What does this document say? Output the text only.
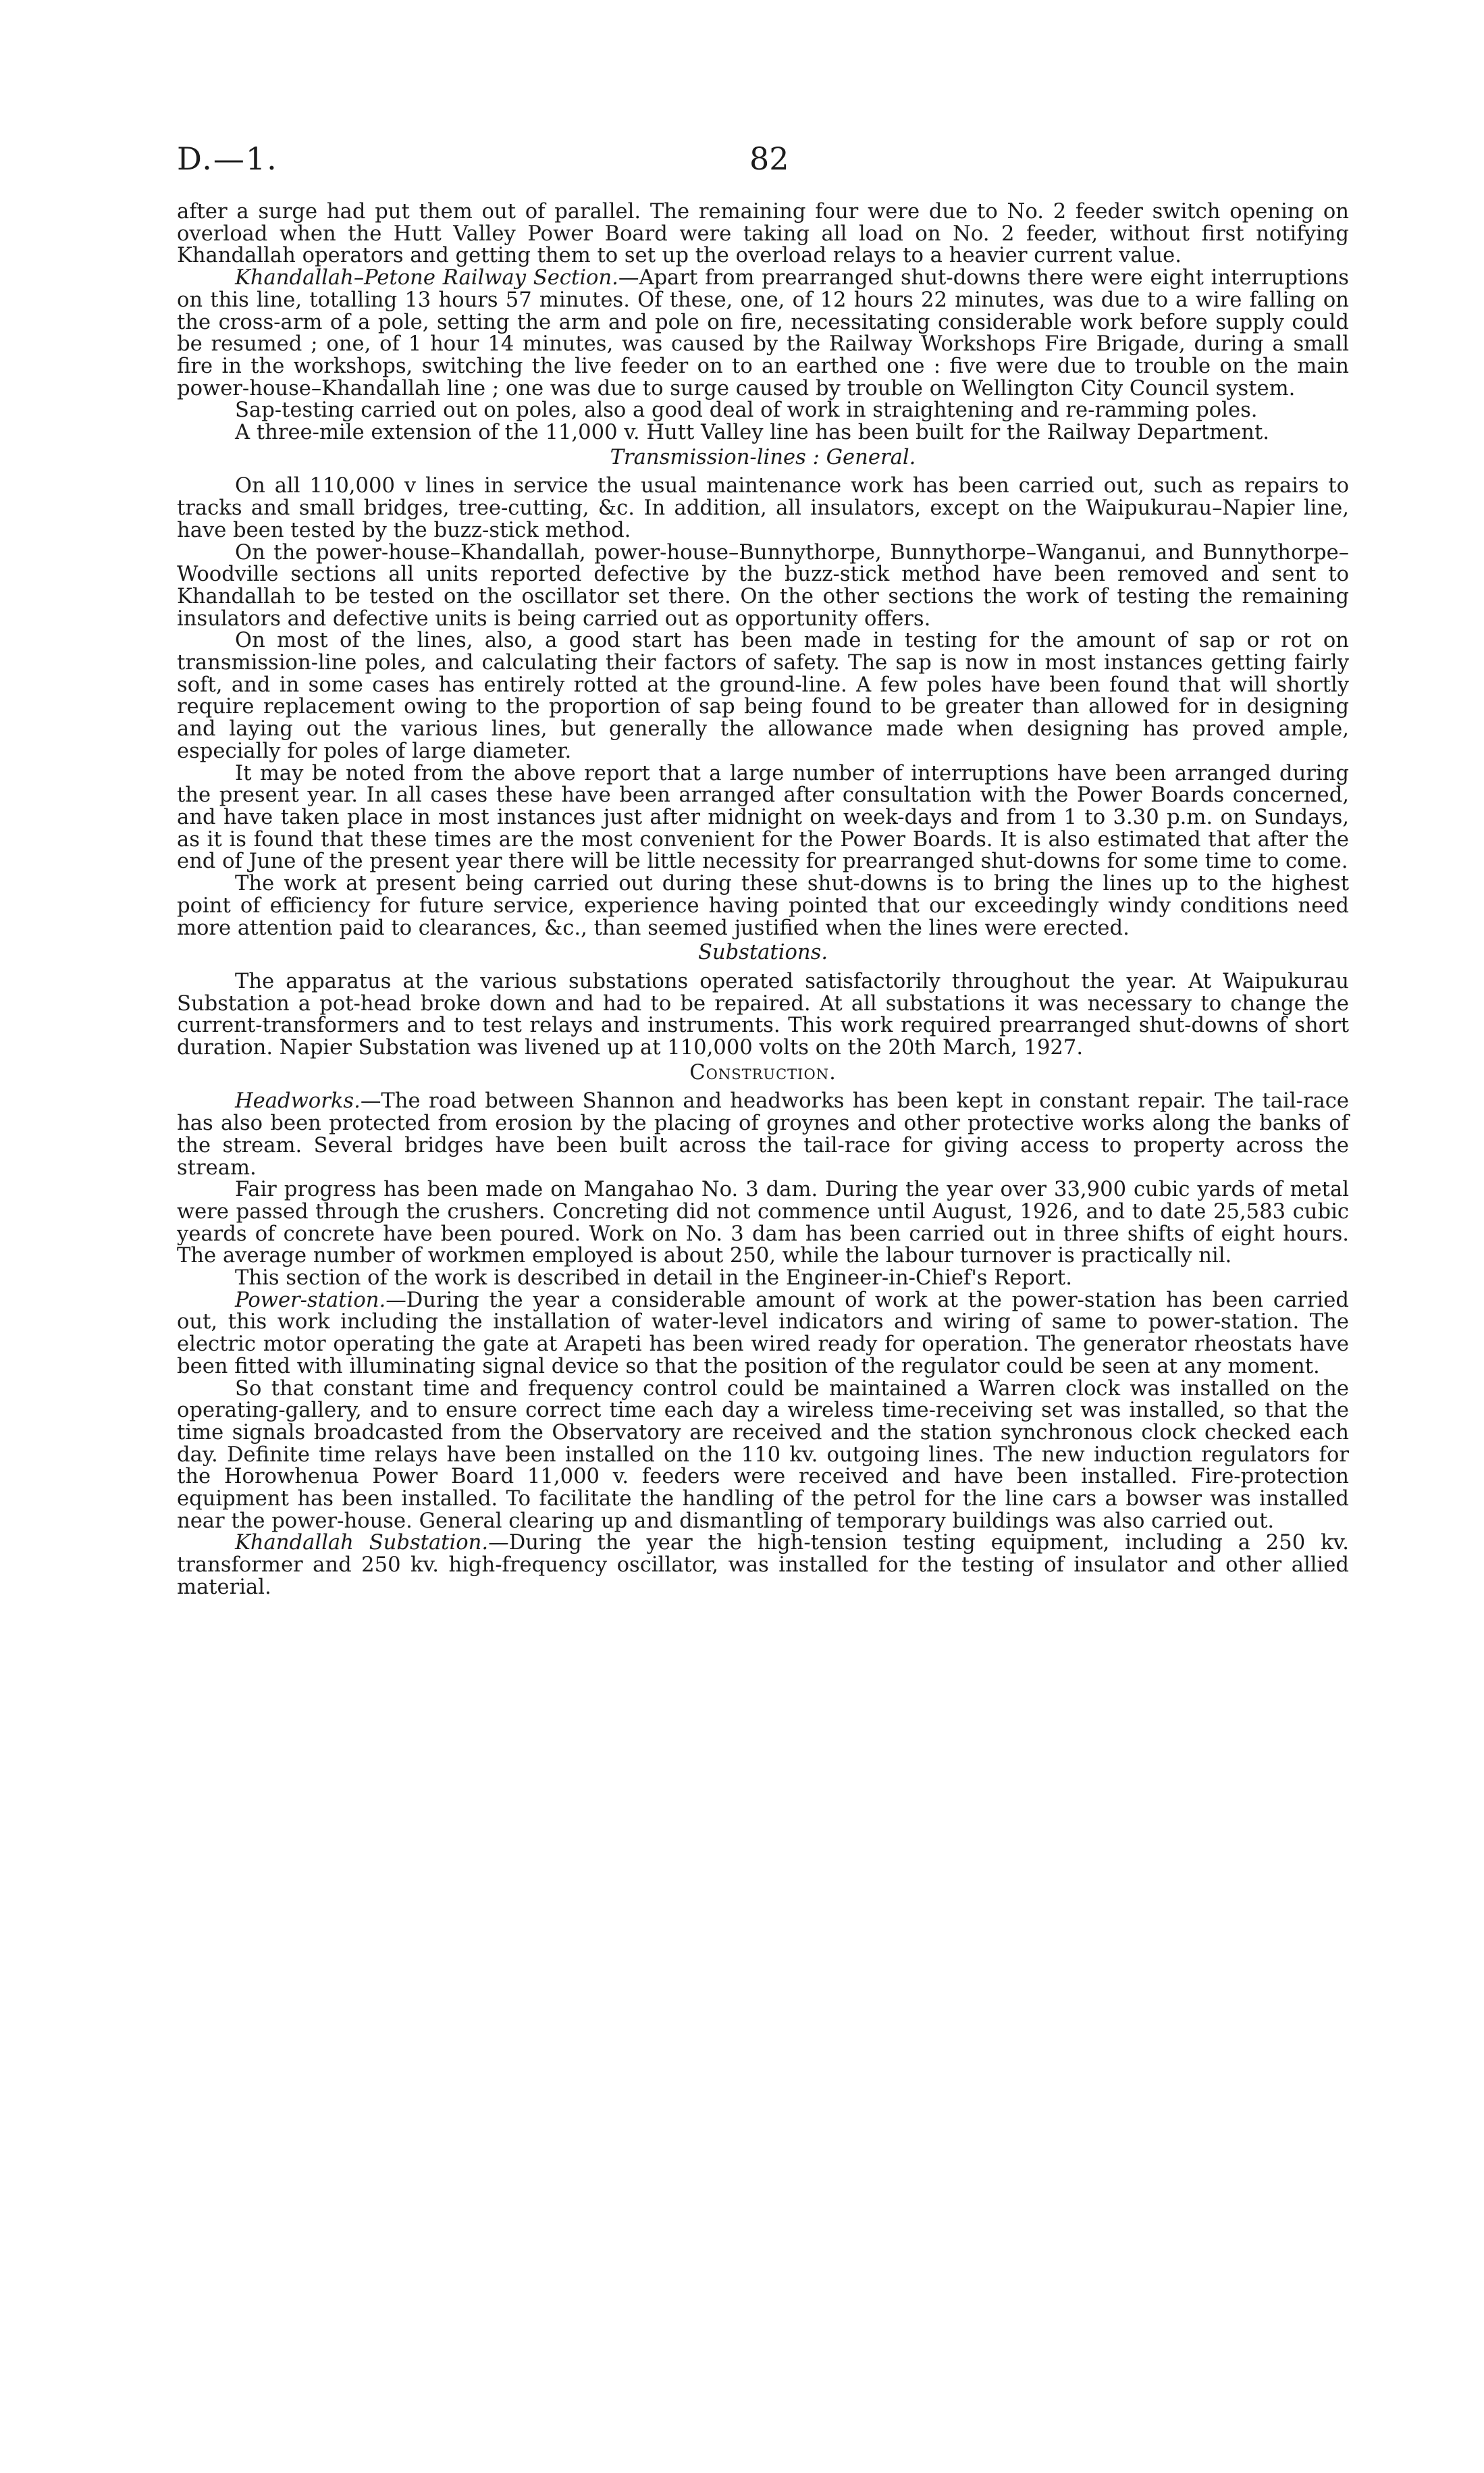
D.—1.	82

after a surge had put them out of parallel. The remaining four were due to No. 2 feeder switch opening on overload when the Hutt Valley Power Board were taking all load on No. 2 feeder, without first notifying Khandallah operators and getting them to set up the overload relays to a heavier current value.

Khandallah–Petone Railway Section.—Apart from prearranged shut-downs there were eight interruptions on this line, totalling 13 hours 57 minutes. Of these, one, of 12 hours 22 minutes, was due to a wire falling on the cross-arm of a pole, setting the arm and pole on fire, necessitating considerable work before supply could be resumed ; one, of 1 hour 14 minutes, was caused by the Railway Workshops Fire Brigade, during a small fire in the workshops, switching the live feeder on to an earthed one : five were due to trouble on the main power-house–Khandallah line ; one was due to surge caused by trouble on Wellington City Council system.

Sap-testing carried out on poles, also a good deal of work in straightening and re-ramming poles.

A three-mile extension of the 11,000 v. Hutt Valley line has been built for the Railway Department.

Transmission-lines : General.

On all 110,000 v lines in service the usual maintenance work has been carried out, such as repairs to tracks and small bridges, tree-cutting, &c. In addition, all insulators, except on the Waipukurau–Napier line, have been tested by the buzz-stick method.

On the power-house–Khandallah, power-house–Bunnythorpe, Bunnythorpe–Wanganui, and Bunnythorpe–Woodville sections all units reported defective by the buzz-stick method have been removed and sent to Khandallah to be tested on the oscillator set there. On the other sections the work of testing the remaining insulators and defective units is being carried out as opportunity offers.

On most of the lines, also, a good start has been made in testing for the amount of sap or rot on transmission-line poles, and calculating their factors of safety. The sap is now in most instances getting fairly soft, and in some cases has entirely rotted at the ground-line. A few poles have been found that will shortly require replacement owing to the proportion of sap being found to be greater than allowed for in designing and laying out the various lines, but generally the allowance made when designing has proved ample, especially for poles of large diameter.

It may be noted from the above report that a large number of interruptions have been arranged during the present year. In all cases these have been arranged after consultation with the Power Boards concerned, and have taken place in most instances just after midnight on week-days and from 1 to 3.30 p.m. on Sundays, as it is found that these times are the most convenient for the Power Boards. It is also estimated that after the end of June of the present year there will be little necessity for prearranged shut-downs for some time to come.

The work at present being carried out during these shut-downs is to bring the lines up to the highest point of efficiency for future service, experience having pointed that our exceedingly windy conditions need more attention paid to clearances, &c., than seemed justified when the lines were erected.

Substations.

The apparatus at the various substations operated satisfactorily throughout the year. At Waipukurau Substation a pot-head broke down and had to be repaired. At all substations it was necessary to change the current-transformers and to test relays and instruments. This work required prearranged shut-downs of short duration. Napier Substation was livened up at 110,000 volts on the 20th March, 1927.

Construction.

Headworks.—The road between Shannon and headworks has been kept in constant repair. The tail-race has also been protected from erosion by the placing of groynes and other protective works along the banks of the stream. Several bridges have been built across the tail-race for giving access to property across the stream.

Fair progress has been made on Mangahao No. 3 dam. During the year over 33,900 cubic yards of metal were passed through the crushers. Concreting did not commence until August, 1926, and to date 25,583 cubic yeards of concrete have been poured. Work on No. 3 dam has been carried out in three shifts of eight hours. The average number of workmen employed is about 250, while the labour turnover is practically nil.

This section of the work is described in detail in the Engineer-in-Chief's Report.

Power-station.—During the year a considerable amount of work at the power-station has been carried out, this work including the installation of water-level indicators and wiring of same to power-station. The electric motor operating the gate at Arapeti has been wired ready for operation. The generator rheostats have been fitted with illuminating signal device so that the position of the regulator could be seen at any moment.

So that constant time and frequency control could be maintained a Warren clock was installed on the operating-gallery, and to ensure correct time each day a wireless time-receiving set was installed, so that the time signals broadcasted from the Observatory are received and the station synchronous clock checked each day. Definite time relays have been installed on the 110 kv. outgoing lines. The new induction regulators for the Horowhenua Power Board 11,000 v. feeders were received and have been installed. Fire-protection equipment has been installed. To facilitate the handling of the petrol for the line cars a bowser was installed near the power-house. General clearing up and dismantling of temporary buildings was also carried out.

Khandallah Substation.—During the year the high-tension testing equipment, including a 250 kv. transformer and 250 kv. high-frequency oscillator, was installed for the testing of insulator and other allied material.
